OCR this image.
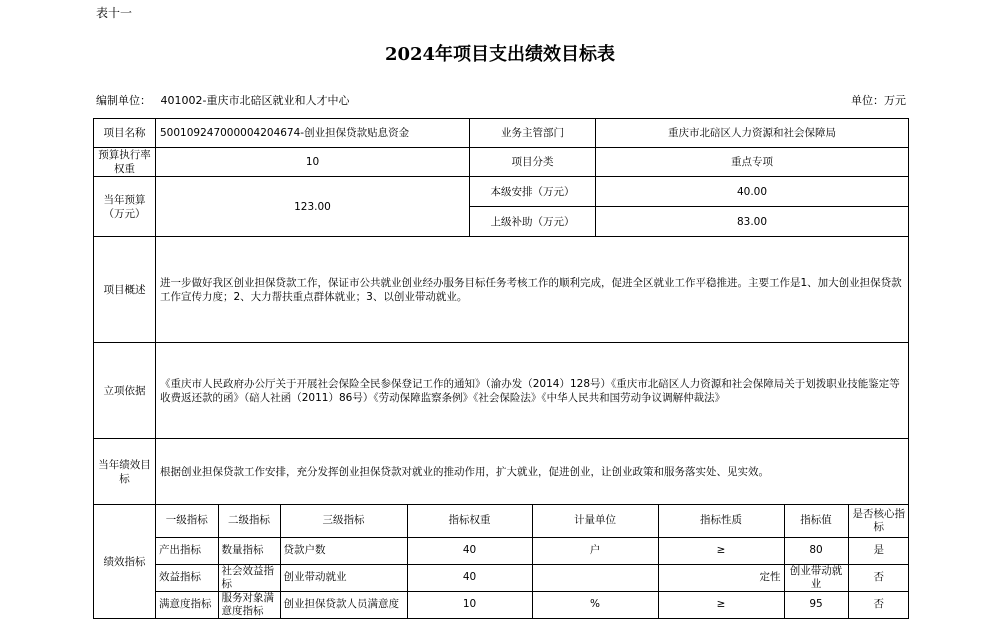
表十一
2024年项目支出绩效目标表
编制单位： 401002-重庆市北碚区就业和人才中心	单位：万元
项目名称	500109247000004204674-创业担保贷款贴息资金	业务主管部门	重庆市北碚区人力资源和社会保障局
预算执行率权重	10	项目分类	重点专项
当年预算（万元）	123.00	本级安排（万元）	40.00
上级补助（万元）	83.00
项目概述	进一步做好我区创业担保贷款工作，保证市公共就业创业经办服务目标任务考核工作的顺利完成，促进全区就业工作平稳推进。主要工作是1、加大创业担保贷款工作宣传力度；2、大力帮扶重点群体就业；3、以创业带动就业。
立项依据	《重庆市人民政府办公厅关于开展社会保险全民参保登记工作的通知》（渝办发（2014）128号）《重庆市北碚区人力资源和社会保障局关于划拨职业技能鉴定等收费返还款的函》（碚人社函（2011）86号）《劳动保障监察条例》《社会保险法》《中华人民共和国劳动争议调解仲裁法》
当年绩效目标	根据创业担保贷款工作安排，充分发挥创业担保贷款对就业的推动作用，扩大就业，促进创业，让创业政策和服务落实处、见实效。
绩效指标	
一级指标	二级指标	三级指标	指标权重	计量单位	指标性质	指标值	是否核心指标
产出指标	数量指标	贷款户数	40	户	≥	80	是
效益指标	社会效益指标	创业带动就业	40		定性	创业带动就业	否
满意度指标	服务对象满意度指标	创业担保贷款人员满意度	10	%	≥	95	否
